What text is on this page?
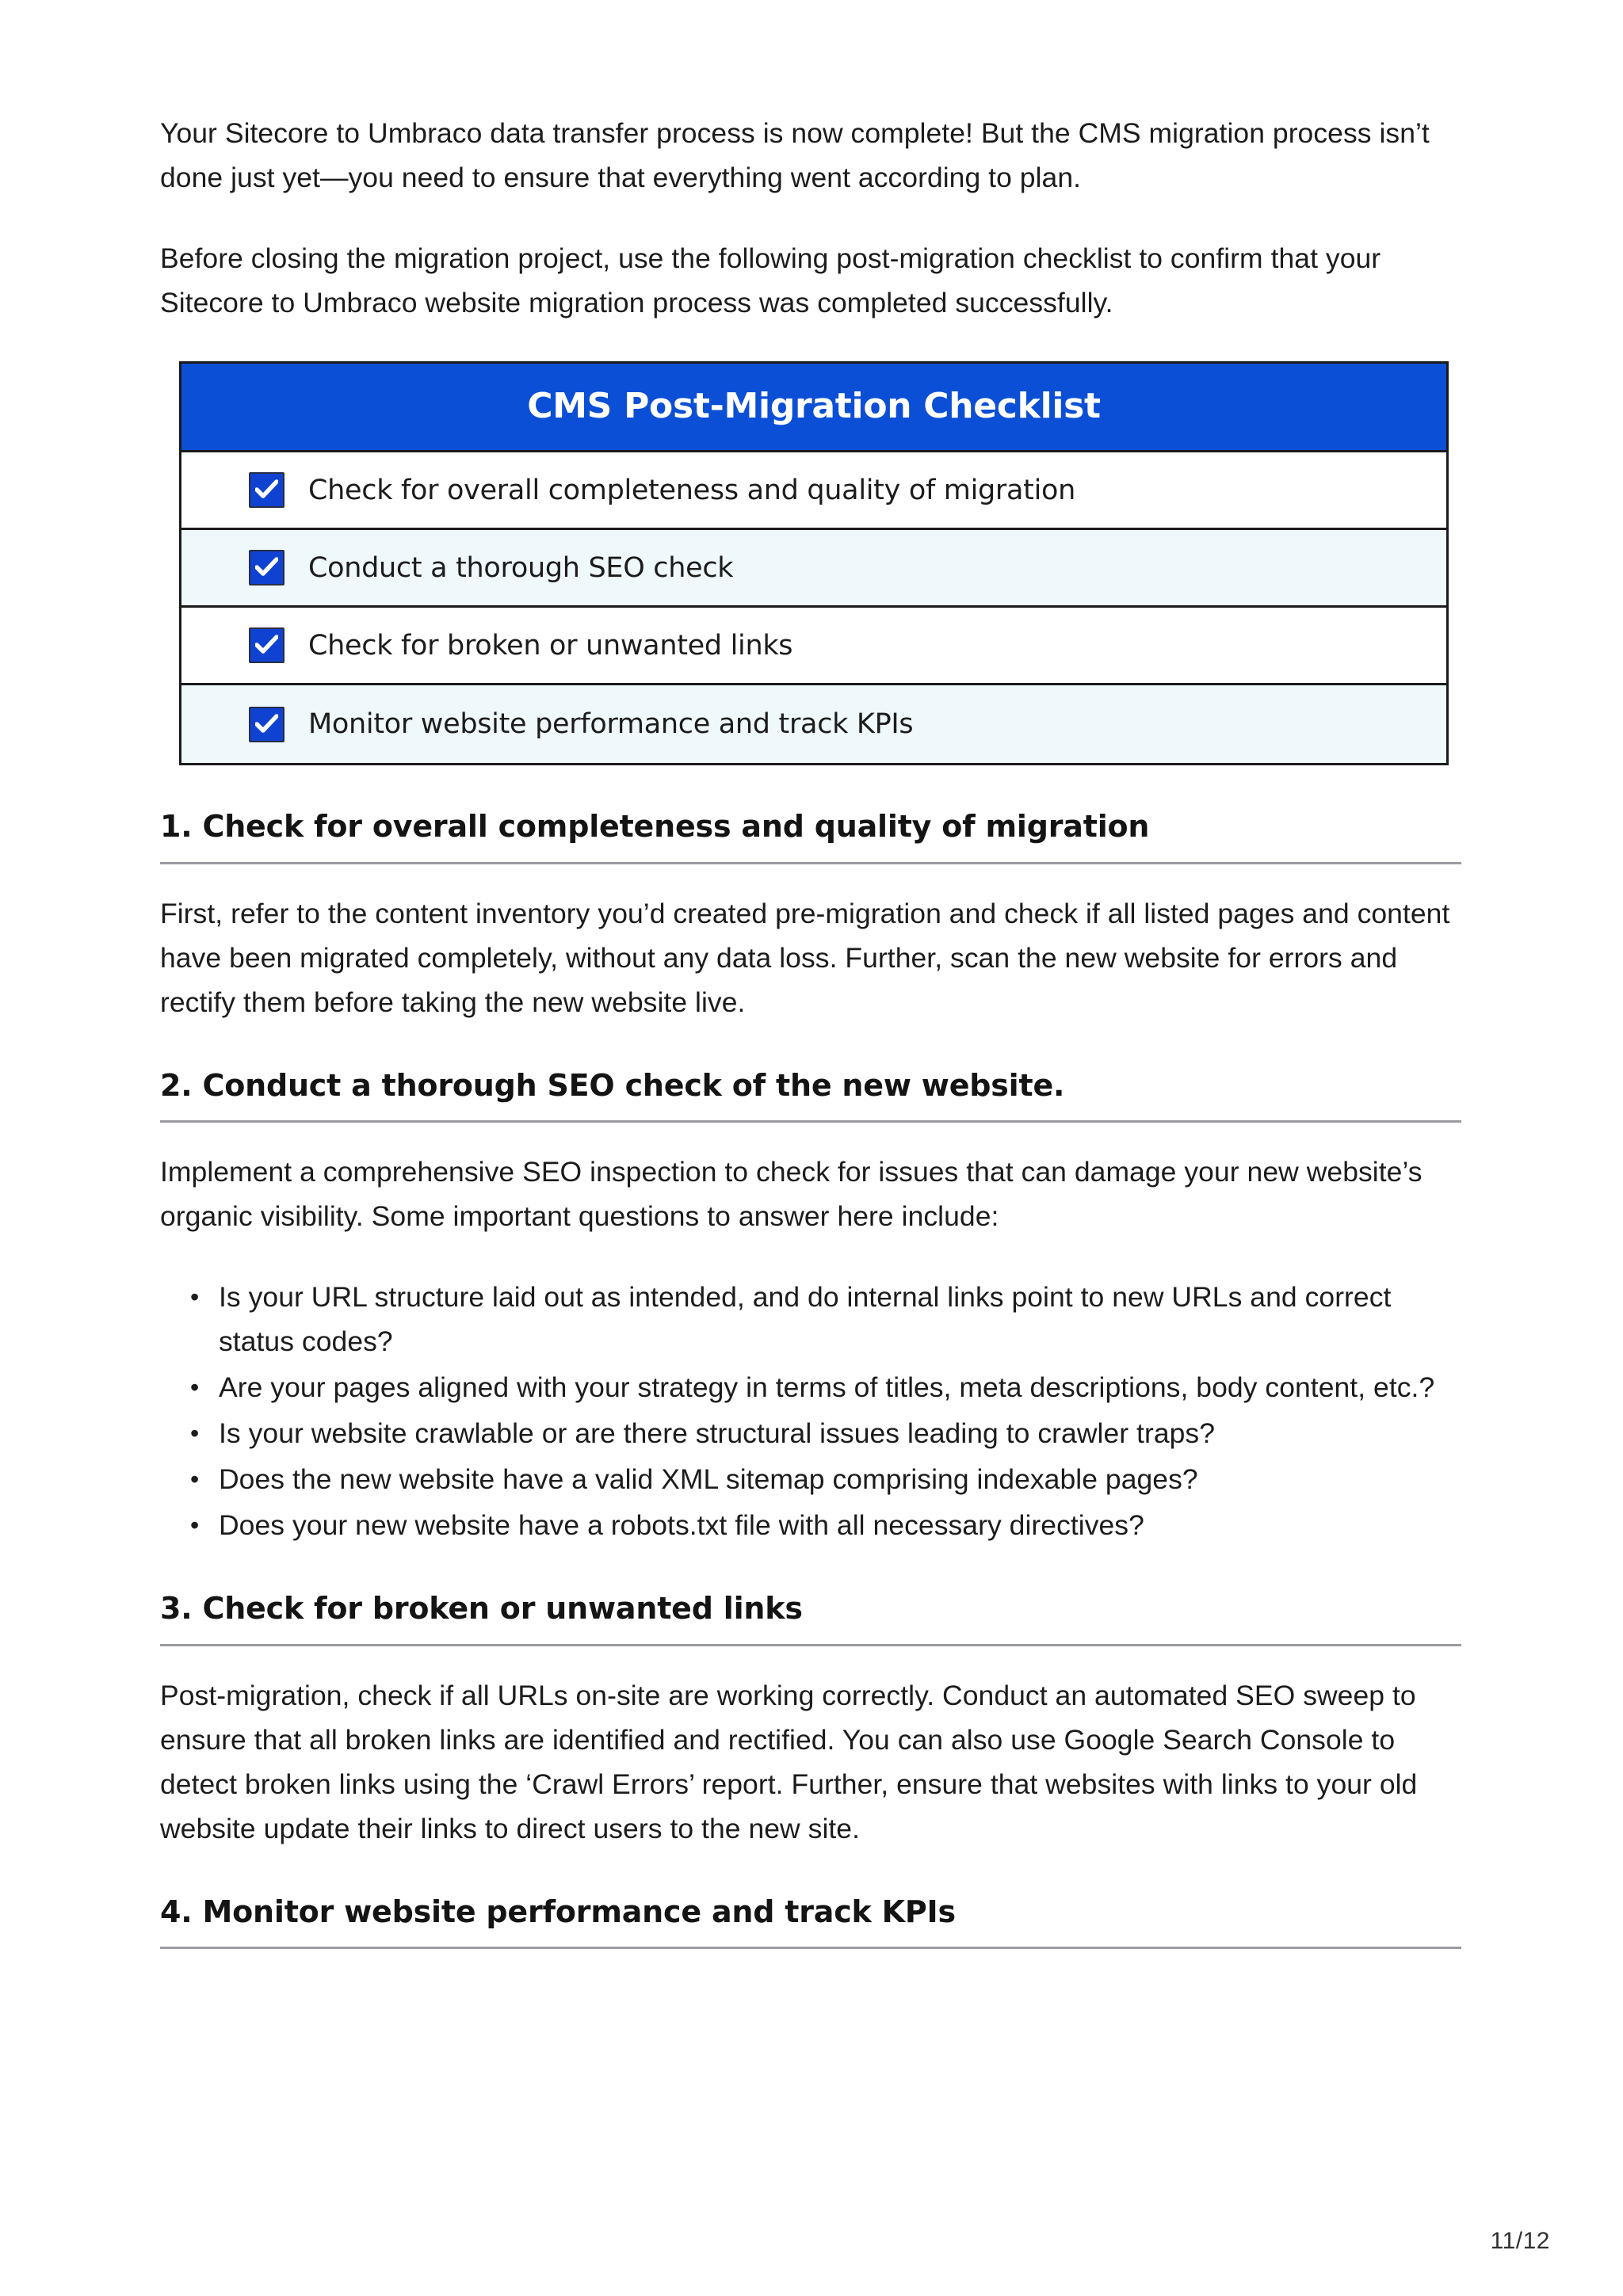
Your Sitecore to Umbraco data transfer process is now complete! But the CMS migration process isn’t done just yet—you need to ensure that everything went according to plan.

Before closing the migration project, use the following post-migration checklist to confirm that your Sitecore to Umbraco website migration process was completed successfully.

CMS Post-Migration Checklist
Check for overall completeness and quality of migration
Conduct a thorough SEO check
Check for broken or unwanted links
Monitor website performance and track KPIs
1. Check for overall completeness and quality of migration

First, refer to the content inventory you’d created pre-migration and check if all listed pages and content have been migrated completely, without any data loss. Further, scan the new website for errors and rectify them before taking the new website live.

2. Conduct a thorough SEO check of the new website.

Implement a comprehensive SEO inspection to check for issues that can damage your new website’s organic visibility. Some important questions to answer here include:

• Is your URL structure laid out as intended, and do internal links point to new URLs and correct status codes?
• Are your pages aligned with your strategy in terms of titles, meta descriptions, body content, etc.?
• Is your website crawlable or are there structural issues leading to crawler traps?
• Does the new website have a valid XML sitemap comprising indexable pages?
• Does your new website have a robots.txt file with all necessary directives?
3. Check for broken or unwanted links

Post-migration, check if all URLs on-site are working correctly. Conduct an automated SEO sweep to ensure that all broken links are identified and rectified. You can also use Google Search Console to detect broken links using the ‘Crawl Errors’ report. Further, ensure that websites with links to your old website update their links to direct users to the new site.

4. Monitor website performance and track KPIs
11/12
